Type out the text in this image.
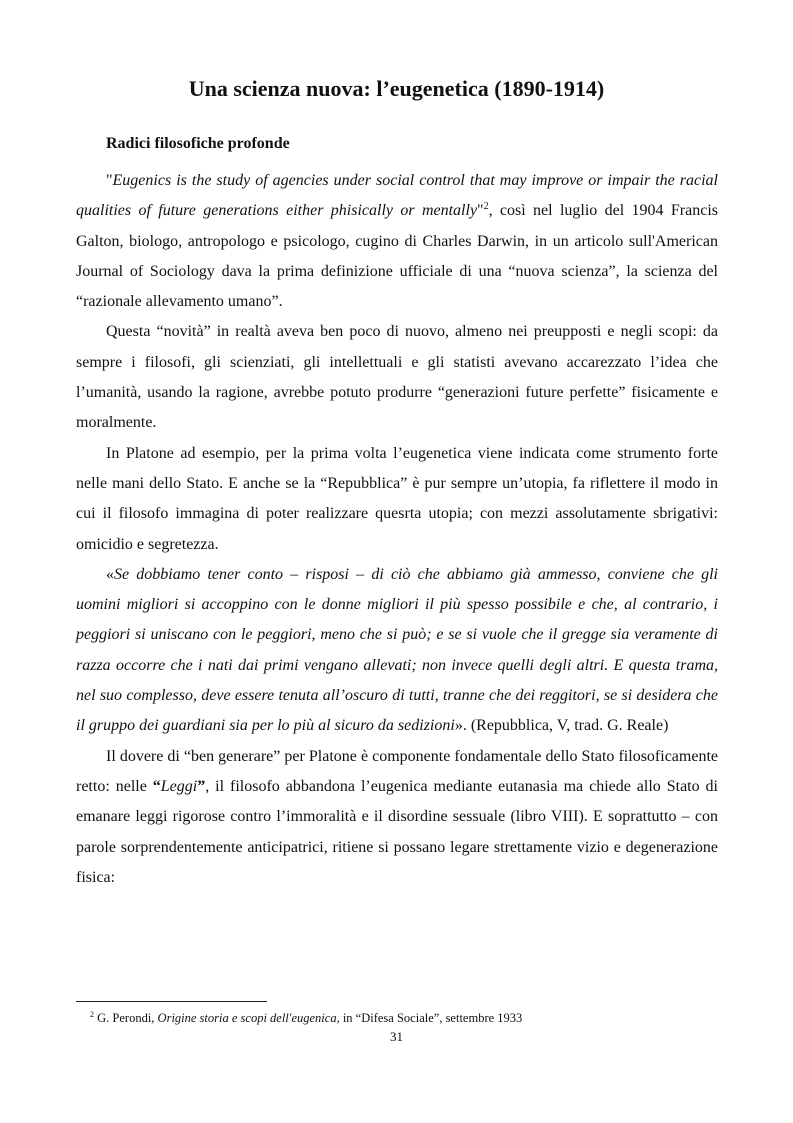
Una scienza nuova: l’eugenetica (1890-1914)
Radici filosofiche profonde

"Eugenics is the study of agencies under social control that may improve or impair the racial qualities of future generations either phisically or mentally"$^2$, così nel luglio del 1904 Francis Galton, biologo, antropologo e psicologo, cugino di Charles Darwin, in un articolo sull'American Journal of Sociology dava la prima definizione ufficiale di una “nuova scienza”, la scienza del “razionale allevamento umano”.

Questa “novità” in realtà aveva ben poco di nuovo, almeno nei preupposti e negli scopi: da sempre i filosofi, gli scienziati, gli intellettuali e gli statisti avevano accarezzato l’idea che l’umanità, usando la ragione, avrebbe potuto produrre “generazioni future perfette” fisicamente e moralmente.

In Platone ad esempio, per la prima volta l’eugenetica viene indicata come strumento forte nelle mani dello Stato. E anche se la “Repubblica” è pur sempre un’utopia, fa riflettere il modo in cui il filosofo immagina di poter realizzare quesrta utopia; con mezzi assolutamente sbrigativi: omicidio e segretezza.

«Se dobbiamo tener conto – risposi – di ciò che abbiamo già ammesso, conviene che gli uomini migliori si accoppino con le donne migliori il più spesso possibile e che, al contrario, i peggiori si uniscano con le peggiori, meno che si può; e se si vuole che il gregge sia veramente di razza occorre che i nati dai primi vengano allevati; non invece quelli degli altri. E questa trama, nel suo complesso, deve essere tenuta all’oscuro di tutti, tranne che dei reggitori, se si desidera che il gruppo dei guardiani sia per lo più al sicuro da sedizioni». (Repubblica, V, trad. G. Reale)

Il dovere di “ben generare” per Platone è componente fondamentale dello Stato filosoficamente retto: nelle “Leggi”, il filosofo abbandona l’eugenica mediante eutanasia ma chiede allo Stato di emanare leggi rigorose contro l’immoralità e il disordine sessuale (libro VIII). E soprattutto – con parole sorprendentemente anticipatrici, ritiene si possano legare strettamente vizio e degenerazione fisica:

$^2$ G. Perondi, Origine storia e scopi dell'eugenica, in “Difesa Sociale”, settembre 1933
31
